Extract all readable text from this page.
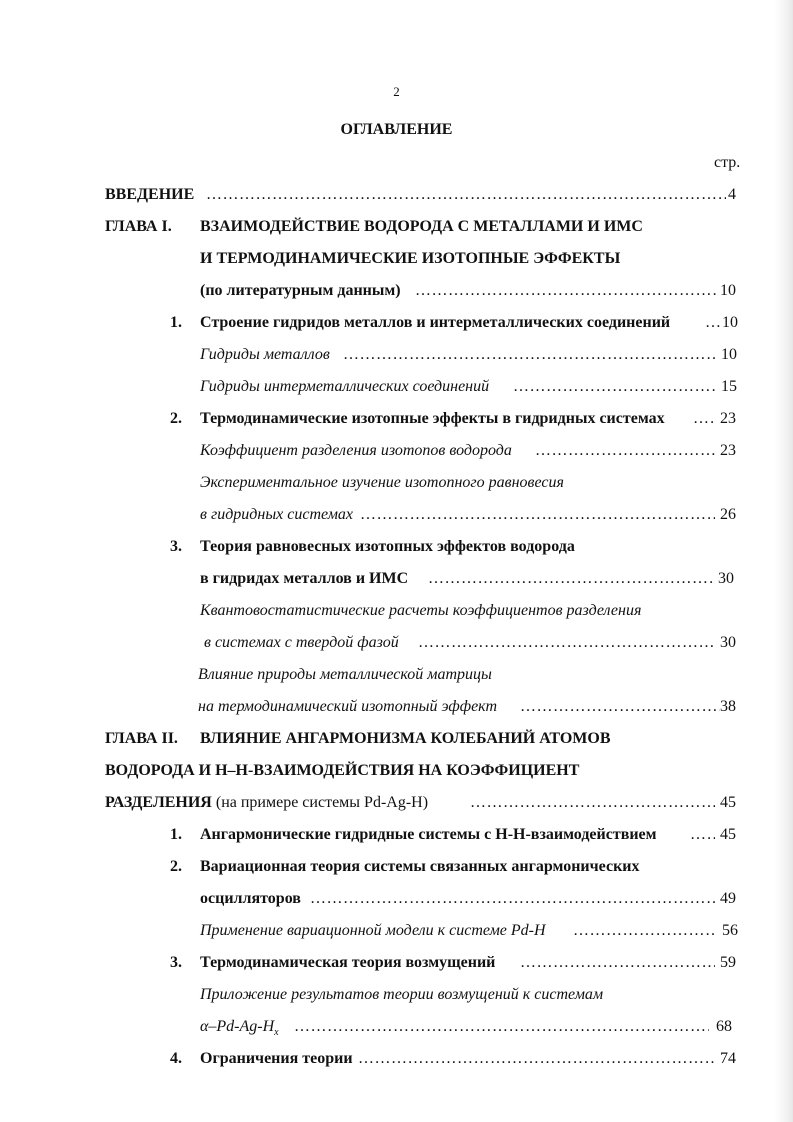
2
ОГЛАВЛЕНИЕ
стр.
ВВЕДЕНИЕ ………………………………………………………………………………………………………………………………………………………………………………	4
ГЛАВА I. ВЗАИМОДЕЙСТВИЕ ВОДОРОДА С МЕТАЛЛАМИ И ИМС
И ТЕРМОДИНАМИЧЕСКИЕ ИЗОТОПНЫЕ ЭФФЕКТЫ
(по литературным данным) ………………………………………………………………………………………………………………………………………………………………………………	10
1. Строение гидридов металлов и интерметаллических соединений ………………………………………………………………………………………………………………………………………………………………………………	10
Гидриды металлов ………………………………………………………………………………………………………………………………………………………………………………	10
Гидриды интерметаллических соединений ………………………………………………………………………………………………………………………………………………………………………………	15
2. Термодинамические изотопные эффекты в гидридных системах ………………………………………………………………………………………………………………………………………………………………………………	23
Коэффициент разделения изотопов водорода ………………………………………………………………………………………………………………………………………………………………………………	23
Экспериментальное изучение изотопного равновесия
в гидридных системах ………………………………………………………………………………………………………………………………………………………………………………	26
3. Теория равновесных изотопных эффектов водорода
в гидридах металлов и ИМС ………………………………………………………………………………………………………………………………………………………………………………	30
Квантовостатистические расчеты коэффициентов разделения
в системах с твердой фазой ………………………………………………………………………………………………………………………………………………………………………………	30
Влияние природы металлической матрицы
на термодинамический изотопный эффект ………………………………………………………………………………………………………………………………………………………………………………	38
ГЛАВА II. ВЛИЯНИЕ АНГАРМОНИЗМА КОЛЕБАНИЙ АТОМОВ
ВОДОРОДА И Н–Н-ВЗАИМОДЕЙСТВИЯ НА КОЭФФИЦИЕНТ
РАЗДЕЛЕНИЯ (на примере системы Pd-Ag-H) ………………………………………………………………………………………………………………………………………………………………………………	45
1. Ангармонические гидридные системы с Н-Н-взаимодействием ………………………………………………………………………………………………………………………………………………………………………………	45
2. Вариационная теория системы связанных ангармонических
осцилляторов ………………………………………………………………………………………………………………………………………………………………………………	49
Применение вариационной модели к системе Pd-H ………………………………………………………………………………………………………………………………………………………………………………	56
3. Термодинамическая теория возмущений ………………………………………………………………………………………………………………………………………………………………………………	59
Приложение результатов теории возмущений к системам
$\alpha-Pd-Ag-H_x$ ………………………………………………………………………………………………………………………………………………………………………………	68
4. Ограничения теории ………………………………………………………………………………………………………………………………………………………………………………	74
